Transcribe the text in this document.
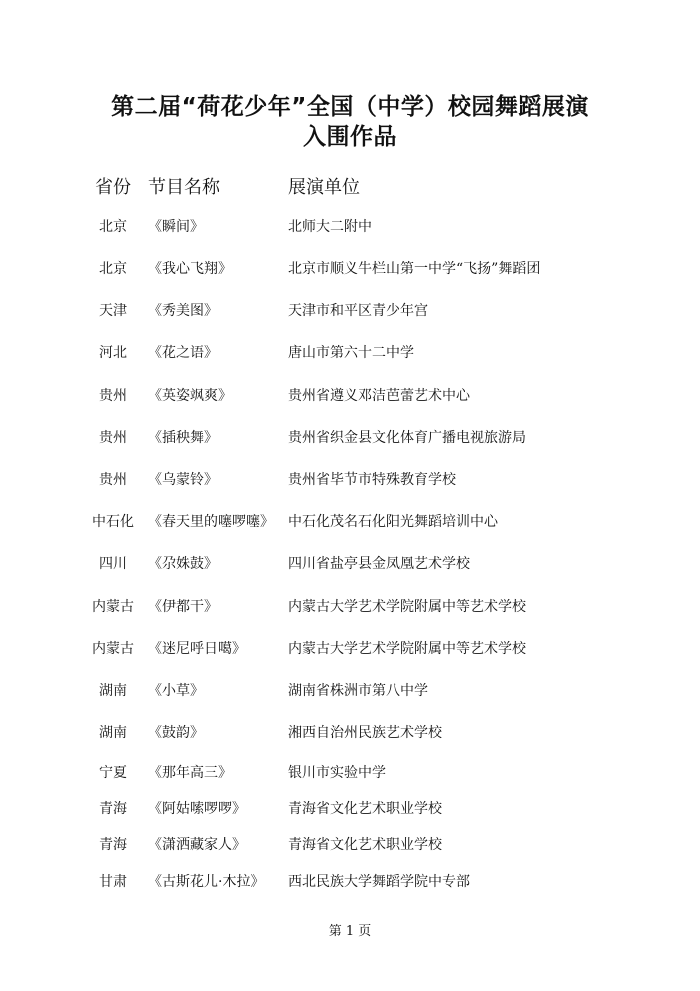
第二届“荷花少年”全国（中学）校园舞蹈展演
入围作品
省份 节目名称	展演单位
北京	《瞬间》	北师大二附中
北京	《我心飞翔》	北京市顺义牛栏山第一中学“飞扬”舞蹈团
天津	《秀美图》	天津市和平区青少年宫
河北	《花之语》	唐山市第六十二中学
贵州	《英姿飒爽》	贵州省遵义邓洁芭蕾艺术中心
贵州	《插秧舞》	贵州省织金县文化体育广播电视旅游局
贵州	《乌蒙铃》	贵州省毕节市特殊教育学校
中石化	《春天里的噻啰噻》	中石化茂名石化阳光舞蹈培训中心
四川	《尕姝鼓》	四川省盐亭县金凤凰艺术学校
内蒙古	《伊都干》	内蒙古大学艺术学院附属中等艺术学校
内蒙古	《迷尼呼日噶》	内蒙古大学艺术学院附属中等艺术学校
湖南	《小草》	湖南省株洲市第八中学
湖南	《鼓韵》	湘西自治州民族艺术学校
宁夏	《那年高三》	银川市实验中学
青海	《阿姑嗦啰啰》	青海省文化艺术职业学校
青海	《潇洒藏家人》	青海省文化艺术职业学校
甘肃	《古斯花儿·木拉》	西北民族大学舞蹈学院中专部
第 1 页
